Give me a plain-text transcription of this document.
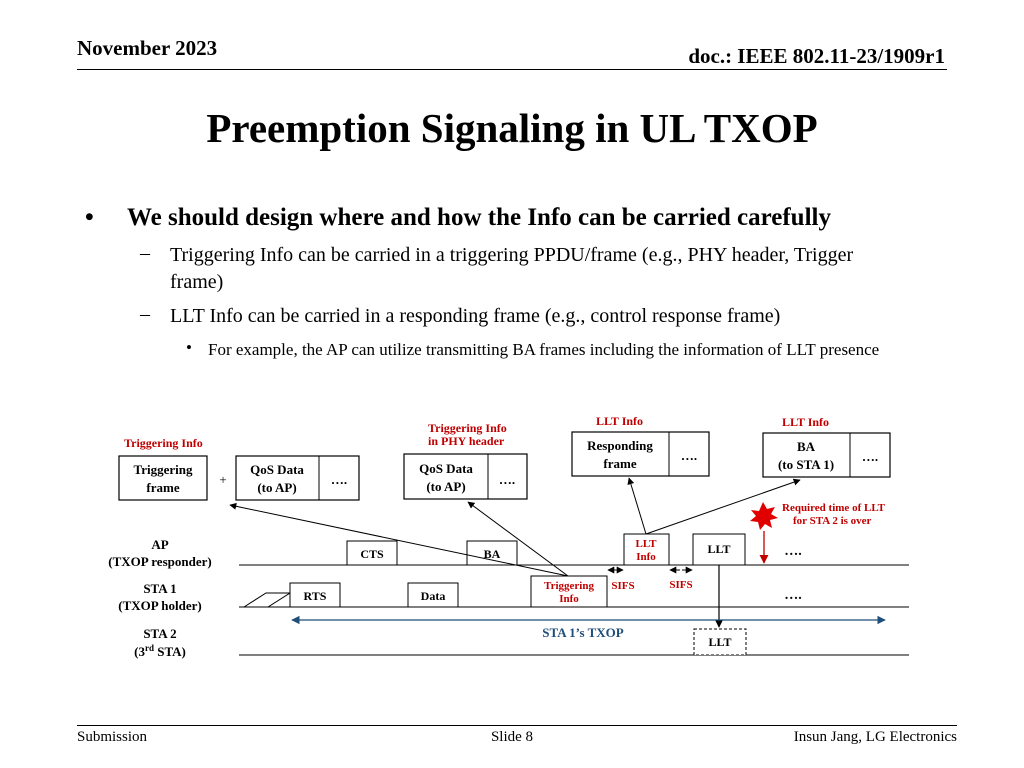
November 2023	doc.: IEEE 802.11-23/1909r1
Preemption Signaling in UL TXOP
• We should design where and how the Info can be carried carefully
– Triggering Info can be carried in a triggering PPDU/frame (e.g., PHY header, Trigger frame)
– LLT Info can be carried in a responding frame (e.g., control response frame)
• For example, the AP can utilize transmitting BA frames including the information of LLT presence
Triggering Info
Triggering
frame
+
QoS Data
(to AP)
….
Triggering Info
in PHY header
QoS Data
(to AP)	….
LLT Info
Responding
frame
….
LLT Info
BA
(to STA 1)
….
Required time of LLT
for STA 2 is over
AP
(TXOP responder)
STA 1
(TXOP holder)
STA 2
(3rd STA)
CTS	BA
RTS	Data
Triggering
Info
LLT
Info
LLT
LLT
SIFS	SIFS
….
….
STA 1’s TXOP
Submission	Slide 8	Insun Jang, LG Electronics
